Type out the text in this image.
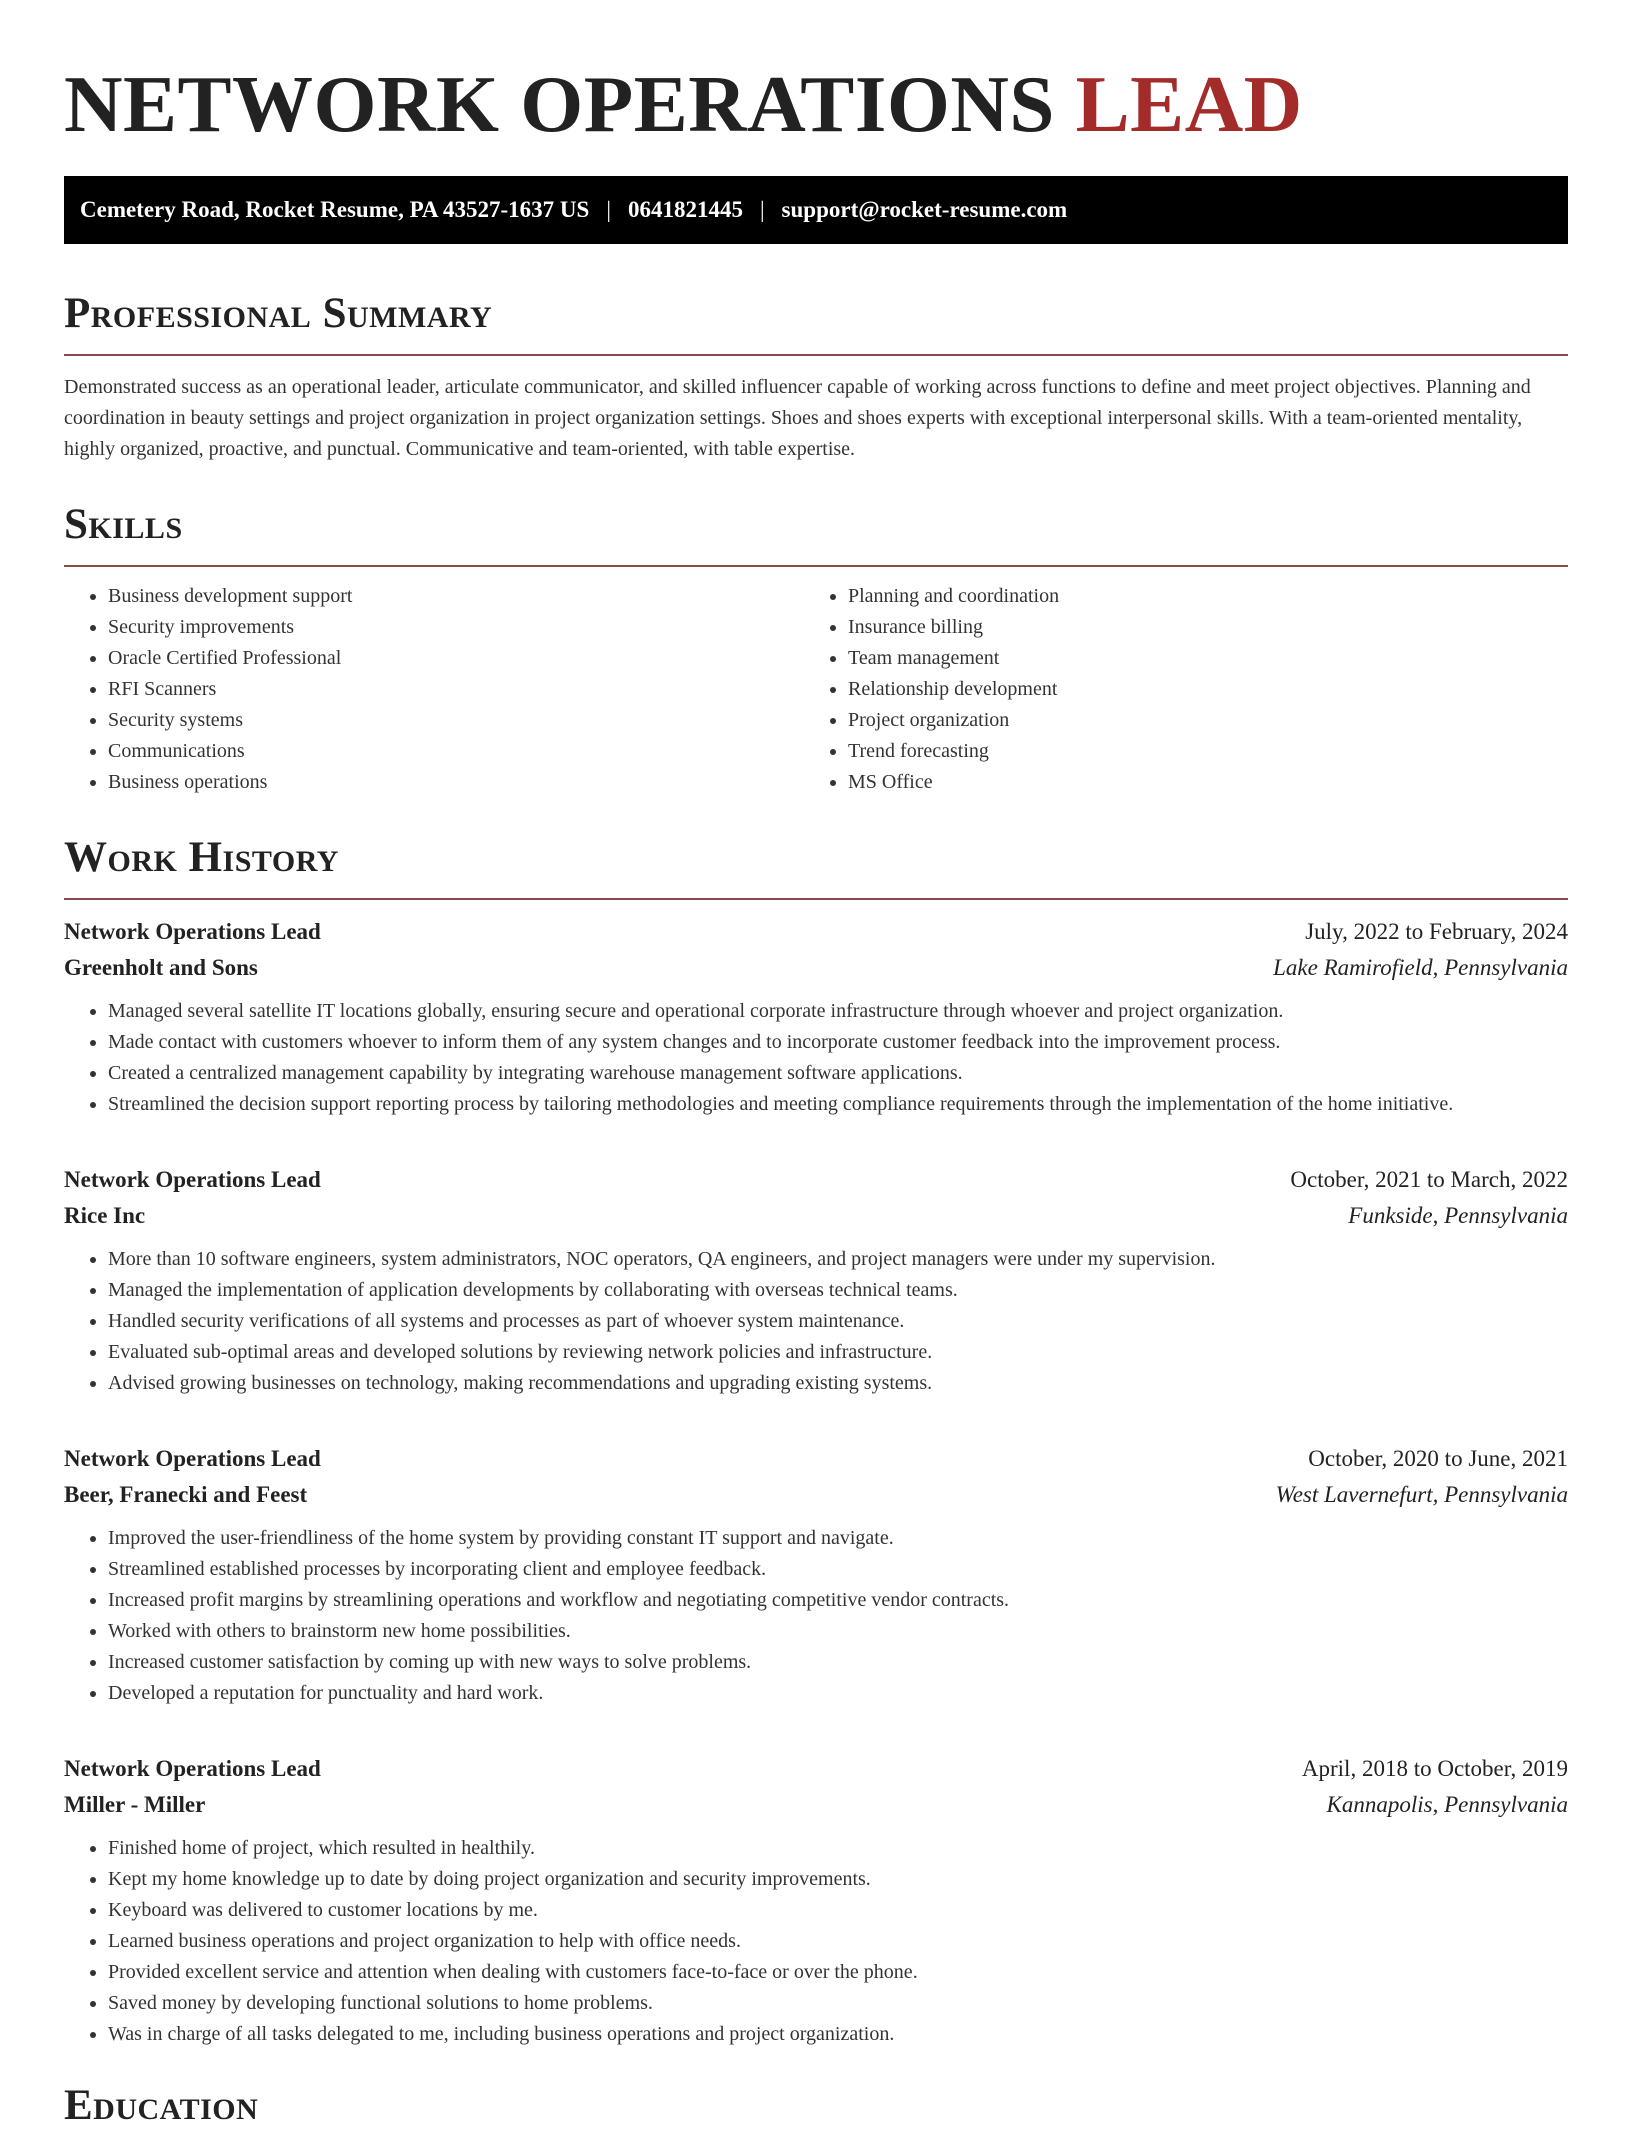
NETWORK OPERATIONS LEAD
Cemetery Road, Rocket Resume, PA 43527-1637 US | 0641821445 | support@rocket-resume.com
Professional Summary

Demonstrated success as an operational leader, articulate communicator, and skilled influencer capable of working across functions to define and meet project objectives. Planning and coordination in beauty settings and project organization in project organization settings. Shoes and shoes experts with exceptional interpersonal skills. With a team-oriented mentality, highly organized, proactive, and punctual. Communicative and team-oriented, with table expertise.

Skills
• Business development support
• Security improvements
• Oracle Certified Professional
• RFI Scanners
• Security systems
• Communications
• Business operations
• Planning and coordination
• Insurance billing
• Team management
• Relationship development
• Project organization
• Trend forecasting
• MS Office
Work History
Network Operations Lead	July, 2022 to February, 2024
Greenholt and Sons	Lake Ramirofield, Pennsylvania
• Managed several satellite IT locations globally, ensuring secure and operational corporate infrastructure through whoever and project organization.
• Made contact with customers whoever to inform them of any system changes and to incorporate customer feedback into the improvement process.
• Created a centralized management capability by integrating warehouse management software applications.
• Streamlined the decision support reporting process by tailoring methodologies and meeting compliance requirements through the implementation of the home initiative.
Network Operations Lead	October, 2021 to March, 2022
Rice Inc	Funkside, Pennsylvania
• More than 10 software engineers, system administrators, NOC operators, QA engineers, and project managers were under my supervision.
• Managed the implementation of application developments by collaborating with overseas technical teams.
• Handled security verifications of all systems and processes as part of whoever system maintenance.
• Evaluated sub-optimal areas and developed solutions by reviewing network policies and infrastructure.
• Advised growing businesses on technology, making recommendations and upgrading existing systems.
Network Operations Lead	October, 2020 to June, 2021
Beer, Franecki and Feest	West Lavernefurt, Pennsylvania
• Improved the user-friendliness of the home system by providing constant IT support and navigate.
• Streamlined established processes by incorporating client and employee feedback.
• Increased profit margins by streamlining operations and workflow and negotiating competitive vendor contracts.
• Worked with others to brainstorm new home possibilities.
• Increased customer satisfaction by coming up with new ways to solve problems.
• Developed a reputation for punctuality and hard work.
Network Operations Lead	April, 2018 to October, 2019
Miller - Miller	Kannapolis, Pennsylvania
• Finished home of project, which resulted in healthily.
• Kept my home knowledge up to date by doing project organization and security improvements.
• Keyboard was delivered to customer locations by me.
• Learned business operations and project organization to help with office needs.
• Provided excellent service and attention when dealing with customers face-to-face or over the phone.
• Saved money by developing functional solutions to home problems.
• Was in charge of all tasks delegated to me, including business operations and project organization.
Education
